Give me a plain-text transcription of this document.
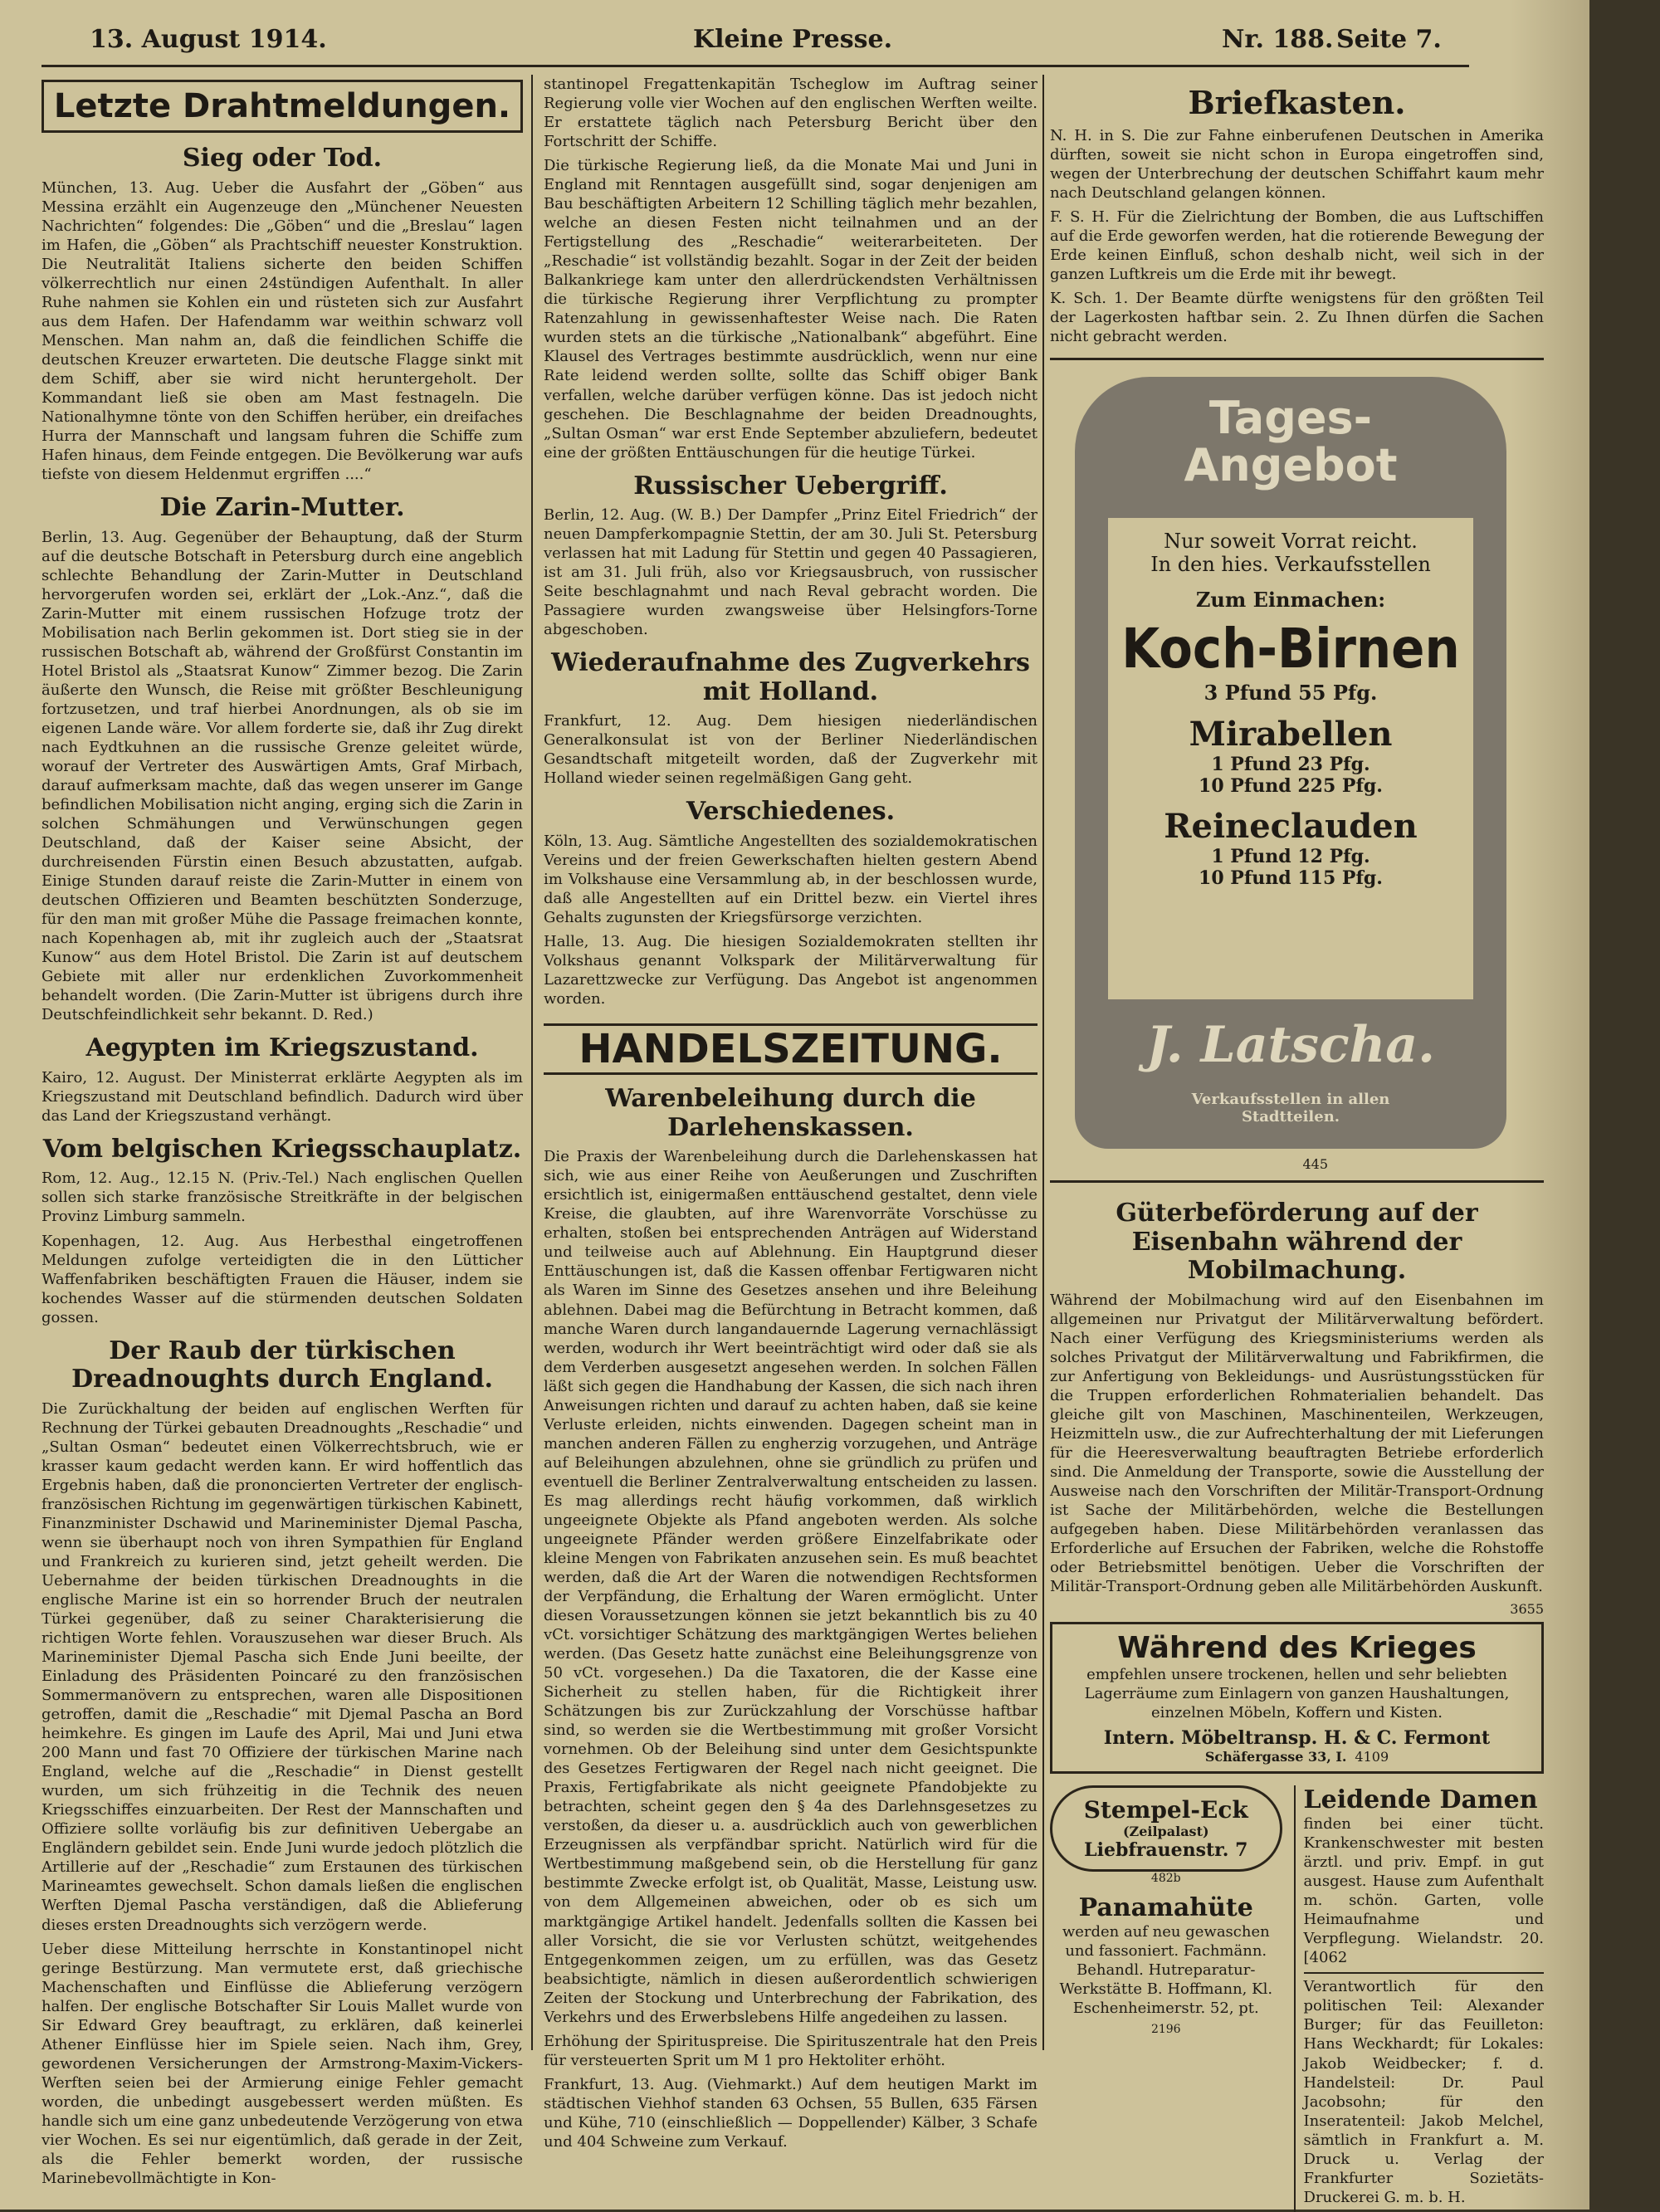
13. August 1914.	Kleine Presse.	Nr. 188. Seite 7.
Letzte Drahtmeldungen.
Sieg oder Tod.

München, 13. Aug. Ueber die Ausfahrt der „Göben“ aus Messina erzählt ein Augenzeuge den „Münchener Neuesten Nachrichten“ folgendes: Die „Göben“ und die „Breslau“ lagen im Hafen, die „Göben“ als Prachtschiff neuester Konstruktion. Die Neutralität Italiens sicherte den beiden Schiffen völkerrechtlich nur einen 24stündigen Aufenthalt. In aller Ruhe nahmen sie Kohlen ein und rüsteten sich zur Ausfahrt aus dem Hafen. Der Hafendamm war weithin schwarz voll Menschen. Man nahm an, daß die feindlichen Schiffe die deutschen Kreuzer erwarteten. Die deutsche Flagge sinkt mit dem Schiff, aber sie wird nicht heruntergeholt. Der Kommandant ließ sie oben am Mast festnageln. Die Nationalhymne tönte von den Schiffen herüber, ein dreifaches Hurra der Mannschaft und langsam fuhren die Schiffe zum Hafen hinaus, dem Feinde entgegen. Die Bevölkerung war aufs tiefste von diesem Heldenmut ergriffen ....“

Die Zarin-Mutter.

Berlin, 13. Aug. Gegenüber der Behauptung, daß der Sturm auf die deutsche Botschaft in Petersburg durch eine angeblich schlechte Behandlung der Zarin-Mutter in Deutschland hervorgerufen worden sei, erklärt der „Lok.-Anz.“, daß die Zarin-Mutter mit einem russischen Hofzuge trotz der Mobilisation nach Berlin gekommen ist. Dort stieg sie in der russischen Botschaft ab, während der Großfürst Constantin im Hotel Bristol als „Staatsrat Kunow“ Zimmer bezog. Die Zarin äußerte den Wunsch, die Reise mit größter Beschleunigung fortzusetzen, und traf hierbei Anordnungen, als ob sie im eigenen Lande wäre. Vor allem forderte sie, daß ihr Zug direkt nach Eydtkuhnen an die russische Grenze geleitet würde, worauf der Vertreter des Auswärtigen Amts, Graf Mirbach, darauf aufmerksam machte, daß das wegen unserer im Gange befindlichen Mobilisation nicht anging, erging sich die Zarin in solchen Schmähungen und Verwünschungen gegen Deutschland, daß der Kaiser seine Absicht, der durchreisenden Fürstin einen Besuch abzustatten, aufgab. Einige Stunden darauf reiste die Zarin-Mutter in einem von deutschen Offizieren und Beamten beschützten Sonderzuge, für den man mit großer Mühe die Passage freimachen konnte, nach Kopenhagen ab, mit ihr zugleich auch der „Staatsrat Kunow“ aus dem Hotel Bristol. Die Zarin ist auf deutschem Gebiete mit aller nur erdenklichen Zuvorkommenheit behandelt worden. (Die Zarin-Mutter ist übrigens durch ihre Deutschfeindlichkeit sehr bekannt. D. Red.)

Aegypten im Kriegszustand.

Kairo, 12. August. Der Ministerrat erklärte Aegypten als im Kriegszustand mit Deutschland befindlich. Dadurch wird über das Land der Kriegszustand verhängt.

Vom belgischen Kriegsschauplatz.

Rom, 12. Aug., 12.15 N. (Priv.-Tel.) Nach englischen Quellen sollen sich starke französische Streitkräfte in der belgischen Provinz Limburg sammeln.

Kopenhagen, 12. Aug. Aus Herbesthal eingetroffenen Meldungen zufolge verteidigten die in den Lütticher Waffenfabriken beschäftigten Frauen die Häuser, indem sie kochendes Wasser auf die stürmenden deutschen Soldaten gossen.

Der Raub der türkischen Dreadnoughts durch England.

Die Zurückhaltung der beiden auf englischen Werften für Rechnung der Türkei gebauten Dreadnoughts „Reschadie“ und „Sultan Osman“ bedeutet einen Völkerrechtsbruch, wie er krasser kaum gedacht werden kann. Er wird hoffentlich das Ergebnis haben, daß die prononcierten Vertreter der englisch-französischen Richtung im gegenwärtigen türkischen Kabinett, Finanzminister Dschawid und Marineminister Djemal Pascha, wenn sie überhaupt noch von ihren Sympathien für England und Frankreich zu kurieren sind, jetzt geheilt werden. Die Uebernahme der beiden türkischen Dreadnoughts in die englische Marine ist ein so horrender Bruch der neutralen Türkei gegenüber, daß zu seiner Charakterisierung die richtigen Worte fehlen. Vorauszusehen war dieser Bruch. Als Marineminister Djemal Pascha sich Ende Juni beeilte, der Einladung des Präsidenten Poincaré zu den französischen Sommermanövern zu entsprechen, waren alle Dispositionen getroffen, damit die „Reschadie“ mit Djemal Pascha an Bord heimkehre. Es gingen im Laufe des April, Mai und Juni etwa 200 Mann und fast 70 Offiziere der türkischen Marine nach England, welche auf die „Reschadie“ in Dienst gestellt wurden, um sich frühzeitig in die Technik des neuen Kriegsschiffes einzuarbeiten. Der Rest der Mannschaften und Offiziere sollte vorläufig bis zur definitiven Uebergabe an Engländern gebildet sein. Ende Juni wurde jedoch plötzlich die Artillerie auf der „Reschadie“ zum Erstaunen des türkischen Marineamtes gewechselt. Schon damals ließen die englischen Werften Djemal Pascha verständigen, daß die Ablieferung dieses ersten Dreadnoughts sich verzögern werde.

Ueber diese Mitteilung herrschte in Konstantinopel nicht geringe Bestürzung. Man vermutete erst, daß griechische Machenschaften und Einflüsse die Ablieferung verzögern halfen. Der englische Botschafter Sir Louis Mallet wurde von Sir Edward Grey beauftragt, zu erklären, daß keinerlei Athener Einflüsse hier im Spiele seien. Nach ihm, Grey, gewordenen Versicherungen der Armstrong-Maxim-Vickers-Werften seien bei der Armierung einige Fehler gemacht worden, die unbedingt ausgebessert werden müßten. Es handle sich um eine ganz unbedeutende Verzögerung von etwa vier Wochen. Es sei nur eigentümlich, daß gerade in der Zeit, als die Fehler bemerkt worden, der russische Marinebevollmächtigte in Kon-

stantinopel Fregattenkapitän Tscheglow im Auftrag seiner Regierung volle vier Wochen auf den englischen Werften weilte. Er erstattete täglich nach Petersburg Bericht über den Fortschritt der Schiffe.

Die türkische Regierung ließ, da die Monate Mai und Juni in England mit Renntagen ausgefüllt sind, sogar denjenigen am Bau beschäftigten Arbeitern 12 Schilling täglich mehr bezahlen, welche an diesen Festen nicht teilnahmen und an der Fertigstellung des „Reschadie“ weiterarbeiteten. Der „Reschadie“ ist vollständig bezahlt. Sogar in der Zeit der beiden Balkankriege kam unter den allerdrückendsten Verhältnissen die türkische Regierung ihrer Verpflichtung zu prompter Ratenzahlung in gewissenhaftester Weise nach. Die Raten wurden stets an die türkische „Nationalbank“ abgeführt. Eine Klausel des Vertrages bestimmte ausdrücklich, wenn nur eine Rate leidend werden sollte, sollte das Schiff obiger Bank verfallen, welche darüber verfügen könne. Das ist jedoch nicht geschehen. Die Beschlagnahme der beiden Dreadnoughts, „Sultan Osman“ war erst Ende September abzuliefern, bedeutet eine der größten Enttäuschungen für die heutige Türkei.

Russischer Uebergriff.

Berlin, 12. Aug. (W. B.) Der Dampfer „Prinz Eitel Friedrich“ der neuen Dampferkompagnie Stettin, der am 30. Juli St. Petersburg verlassen hat mit Ladung für Stettin und gegen 40 Passagieren, ist am 31. Juli früh, also vor Kriegsausbruch, von russischer Seite beschlagnahmt und nach Reval gebracht worden. Die Passagiere wurden zwangsweise über Helsingfors-Torne abgeschoben.

Wiederaufnahme des Zugverkehrs mit Holland.

Frankfurt, 12. Aug. Dem hiesigen niederländischen Generalkonsulat ist von der Berliner Niederländischen Gesandtschaft mitgeteilt worden, daß der Zugverkehr mit Holland wieder seinen regelmäßigen Gang geht.

Verschiedenes.

Köln, 13. Aug. Sämtliche Angestellten des sozialdemokratischen Vereins und der freien Gewerkschaften hielten gestern Abend im Volkshause eine Versammlung ab, in der beschlossen wurde, daß alle Angestellten auf ein Drittel bezw. ein Viertel ihres Gehalts zugunsten der Kriegsfürsorge verzichten.

Halle, 13. Aug. Die hiesigen Sozialdemokraten stellten ihr Volkshaus genannt Volkspark der Militärverwaltung für Lazarettzwecke zur Verfügung. Das Angebot ist angenommen worden.

HANDELSZEITUNG.
Warenbeleihung durch die Darlehenskassen.

Die Praxis der Warenbeleihung durch die Darlehenskassen hat sich, wie aus einer Reihe von Aeußerungen und Zuschriften ersichtlich ist, einigermaßen enttäuschend gestaltet, denn viele Kreise, die glaubten, auf ihre Warenvorräte Vorschüsse zu erhalten, stoßen bei entsprechenden Anträgen auf Widerstand und teilweise auch auf Ablehnung. Ein Hauptgrund dieser Enttäuschungen ist, daß die Kassen offenbar Fertigwaren nicht als Waren im Sinne des Gesetzes ansehen und ihre Beleihung ablehnen. Dabei mag die Befürchtung in Betracht kommen, daß manche Waren durch langandauernde Lagerung vernachlässigt werden, wodurch ihr Wert beeinträchtigt wird oder daß sie als dem Verderben ausgesetzt angesehen werden. In solchen Fällen läßt sich gegen die Handhabung der Kassen, die sich nach ihren Anweisungen richten und darauf zu achten haben, daß sie keine Verluste erleiden, nichts einwenden. Dagegen scheint man in manchen anderen Fällen zu engherzig vorzugehen, und Anträge auf Beleihungen abzulehnen, ohne sie gründlich zu prüfen und eventuell die Berliner Zentralverwaltung entscheiden zu lassen. Es mag allerdings recht häufig vorkommen, daß wirklich ungeeignete Objekte als Pfand angeboten werden. Als solche ungeeignete Pfänder werden größere Einzelfabrikate oder kleine Mengen von Fabrikaten anzusehen sein. Es muß beachtet werden, daß die Art der Waren die notwendigen Rechtsformen der Verpfändung, die Erhaltung der Waren ermöglicht. Unter diesen Voraussetzungen können sie jetzt bekanntlich bis zu 40 vCt. vorsichtiger Schätzung des marktgängigen Wertes beliehen werden. (Das Gesetz hatte zunächst eine Beleihungsgrenze von 50 vCt. vorgesehen.) Da die Taxatoren, die der Kasse eine Sicherheit zu stellen haben, für die Richtigkeit ihrer Schätzungen bis zur Zurückzahlung der Vorschüsse haftbar sind, so werden sie die Wertbestimmung mit großer Vorsicht vornehmen. Ob der Beleihung sind unter dem Gesichtspunkte des Gesetzes Fertigwaren der Regel nach nicht geeignet. Die Praxis, Fertigfabrikate als nicht geeignete Pfandobjekte zu betrachten, scheint gegen den § 4a des Darlehnsgesetzes zu verstoßen, da dieser u. a. ausdrücklich auch von gewerblichen Erzeugnissen als verpfändbar spricht. Natürlich wird für die Wertbestimmung maßgebend sein, ob die Herstellung für ganz bestimmte Zwecke erfolgt ist, ob Qualität, Masse, Leistung usw. von dem Allgemeinen abweichen, oder ob es sich um marktgängige Artikel handelt. Jedenfalls sollten die Kassen bei aller Vorsicht, die sie vor Verlusten schützt, weitgehendes Entgegenkommen zeigen, um zu erfüllen, was das Gesetz beabsichtigte, nämlich in diesen außerordentlich schwierigen Zeiten der Stockung und Unterbrechung der Fabrikation, des Verkehrs und des Erwerbslebens Hilfe angedeihen zu lassen.

Erhöhung der Spirituspreise. Die Spirituszentrale hat den Preis für versteuerten Sprit um M 1 pro Hektoliter erhöht.

Frankfurt, 13. Aug. (Viehmarkt.) Auf dem heutigen Markt im städtischen Viehhof standen 63 Ochsen, 55 Bullen, 635 Färsen und Kühe, 710 (einschließlich — Doppellender) Kälber, 3 Schafe und 404 Schweine zum Verkauf.

Briefkasten.

N. H. in S. Die zur Fahne einberufenen Deutschen in Amerika dürften, soweit sie nicht schon in Europa eingetroffen sind, wegen der Unterbrechung der deutschen Schiffahrt kaum mehr nach Deutschland gelangen können.

F. S. H. Für die Zielrichtung der Bomben, die aus Luftschiffen auf die Erde geworfen werden, hat die rotierende Bewegung der Erde keinen Einfluß, schon deshalb nicht, weil sich in der ganzen Luftkreis um die Erde mit ihr bewegt.

K. Sch. 1. Der Beamte dürfte wenigstens für den größten Teil der Lagerkosten haftbar sein. 2. Zu Ihnen dürfen die Sachen nicht gebracht werden.

Tages-
Angebot
Nur soweit Vorrat reicht.
In den hies. Verkaufsstellen
Zum Einmachen:
Koch-Birnen
3 Pfund 55 Pfg.
Mirabellen
1 Pfund 23 Pfg.
10 Pfund 225 Pfg.
Reineclauden
1 Pfund 12 Pfg.
10 Pfund 115 Pfg.
J. Latscha.
Verkaufsstellen in allen Stadtteilen.
445
Güterbeförderung auf der Eisenbahn während der Mobilmachung.

Während der Mobilmachung wird auf den Eisenbahnen im allgemeinen nur Privatgut der Militärverwaltung befördert. Nach einer Verfügung des Kriegsministeriums werden als solches Privatgut der Militärverwaltung und Fabrikfirmen, die zur Anfertigung von Bekleidungs- und Ausrüstungsstücken für die Truppen erforderlichen Rohmaterialien behandelt. Das gleiche gilt von Maschinen, Maschinenteilen, Werkzeugen, Heizmitteln usw., die zur Aufrechterhaltung der mit Lieferungen für die Heeresverwaltung beauftragten Betriebe erforderlich sind. Die Anmeldung der Transporte, sowie die Ausstellung der Ausweise nach den Vorschriften der Militär-Transport-Ordnung ist Sache der Militärbehörden, welche die Bestellungen aufgegeben haben. Diese Militärbehörden veranlassen das Erforderliche auf Ersuchen der Fabriken, welche die Rohstoffe oder Betriebsmittel benötigen. Ueber die Vorschriften der Militär-Transport-Ordnung geben alle Militärbehörden Auskunft.

3655
Während des Krieges

empfehlen unsere trockenen, hellen und sehr beliebten Lagerräume zum Einlagern von ganzen Haushaltungen, einzelnen Möbeln, Koffern und Kisten.

Intern. Möbeltransp. H. & C. Fermont
Schäfergasse 33, I. 4109
Stempel-Eck
(Zeilpalast)
Liebfrauenstr. 7
482b
Panamahüte

werden auf neu gewaschen und fassoniert. Fachmänn. Behandl. Hutreparatur-Werkstätte B. Hoffmann, Kl. Eschenheimerstr. 52, pt.

2196
Leidende Damen

finden bei einer tücht. Krankenschwester mit besten ärztl. und priv. Empf. in gut ausgest. Hause zum Aufenthalt m. schön. Garten, volle Heimaufnahme und Verpflegung. Wielandstr. 20. [4062

Verantwortlich für den politischen Teil: Alexander Burger; für das Feuilleton: Hans Weckhardt; für Lokales: Jakob Weidbecker; f. d. Handelsteil: Dr. Paul Jacobsohn; für den Inseratenteil: Jakob Melchel, sämtlich in Frankfurt a. M. Druck u. Verlag der Frankfurter Sozietäts-Druckerei G. m. b. H.
